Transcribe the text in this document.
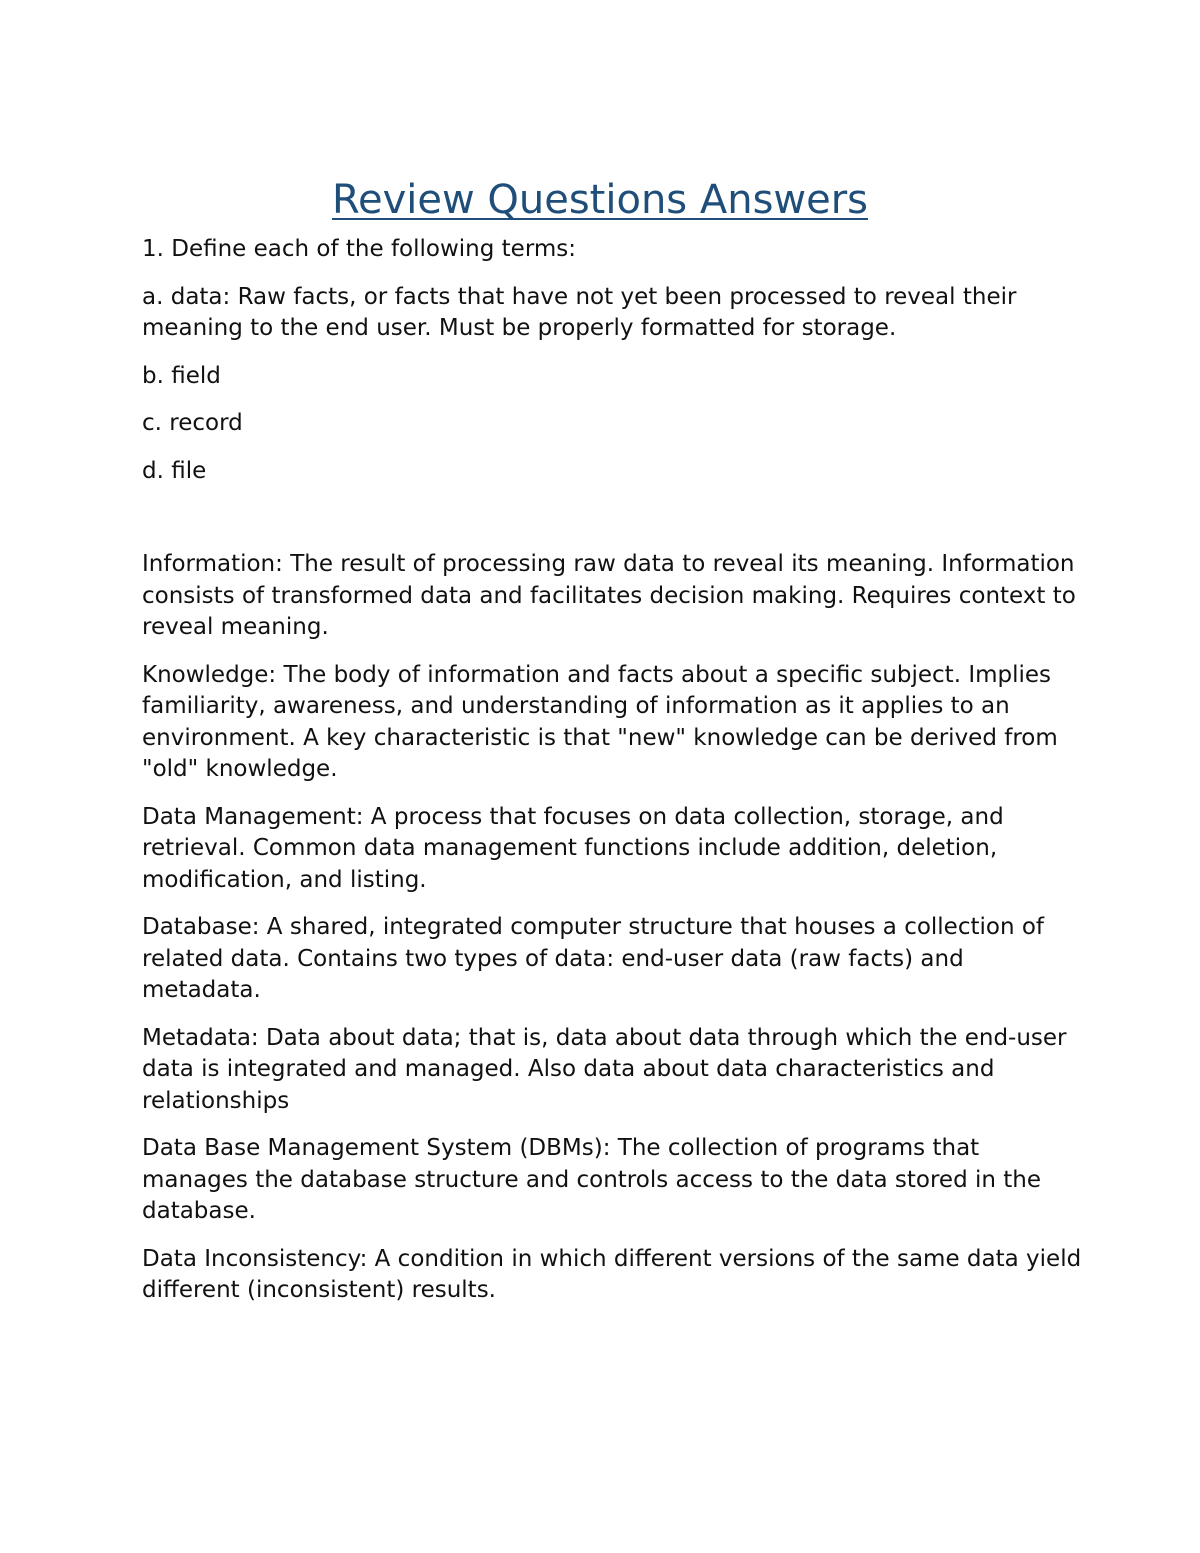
Review Questions Answers

1. Define each of the following terms:

a. data: Raw facts, or facts that have not yet been processed to reveal their meaning to the end user. Must be properly formatted for storage.

b. field

c. record

d. file

Information: The result of processing raw data to reveal its meaning. Information consists of transformed data and facilitates decision making. Requires context to reveal meaning.

Knowledge: The body of information and facts about a specific subject. Implies familiarity, awareness, and understanding of information as it applies to an environment. A key characteristic is that "new" knowledge can be derived from "old" knowledge.

Data Management: A process that focuses on data collection, storage, and retrieval. Common data management functions include addition, deletion, modification, and listing.

Database: A shared, integrated computer structure that houses a collection of related data. Contains two types of data: end-user data (raw facts) and metadata.

Metadata: Data about data; that is, data about data through which the end-user data is integrated and managed. Also data about data characteristics and relationships

Data Base Management System (DBMs): The collection of programs that manages the database structure and controls access to the data stored in the database.

Data Inconsistency: A condition in which different versions of the same data yield different (inconsistent) results.
